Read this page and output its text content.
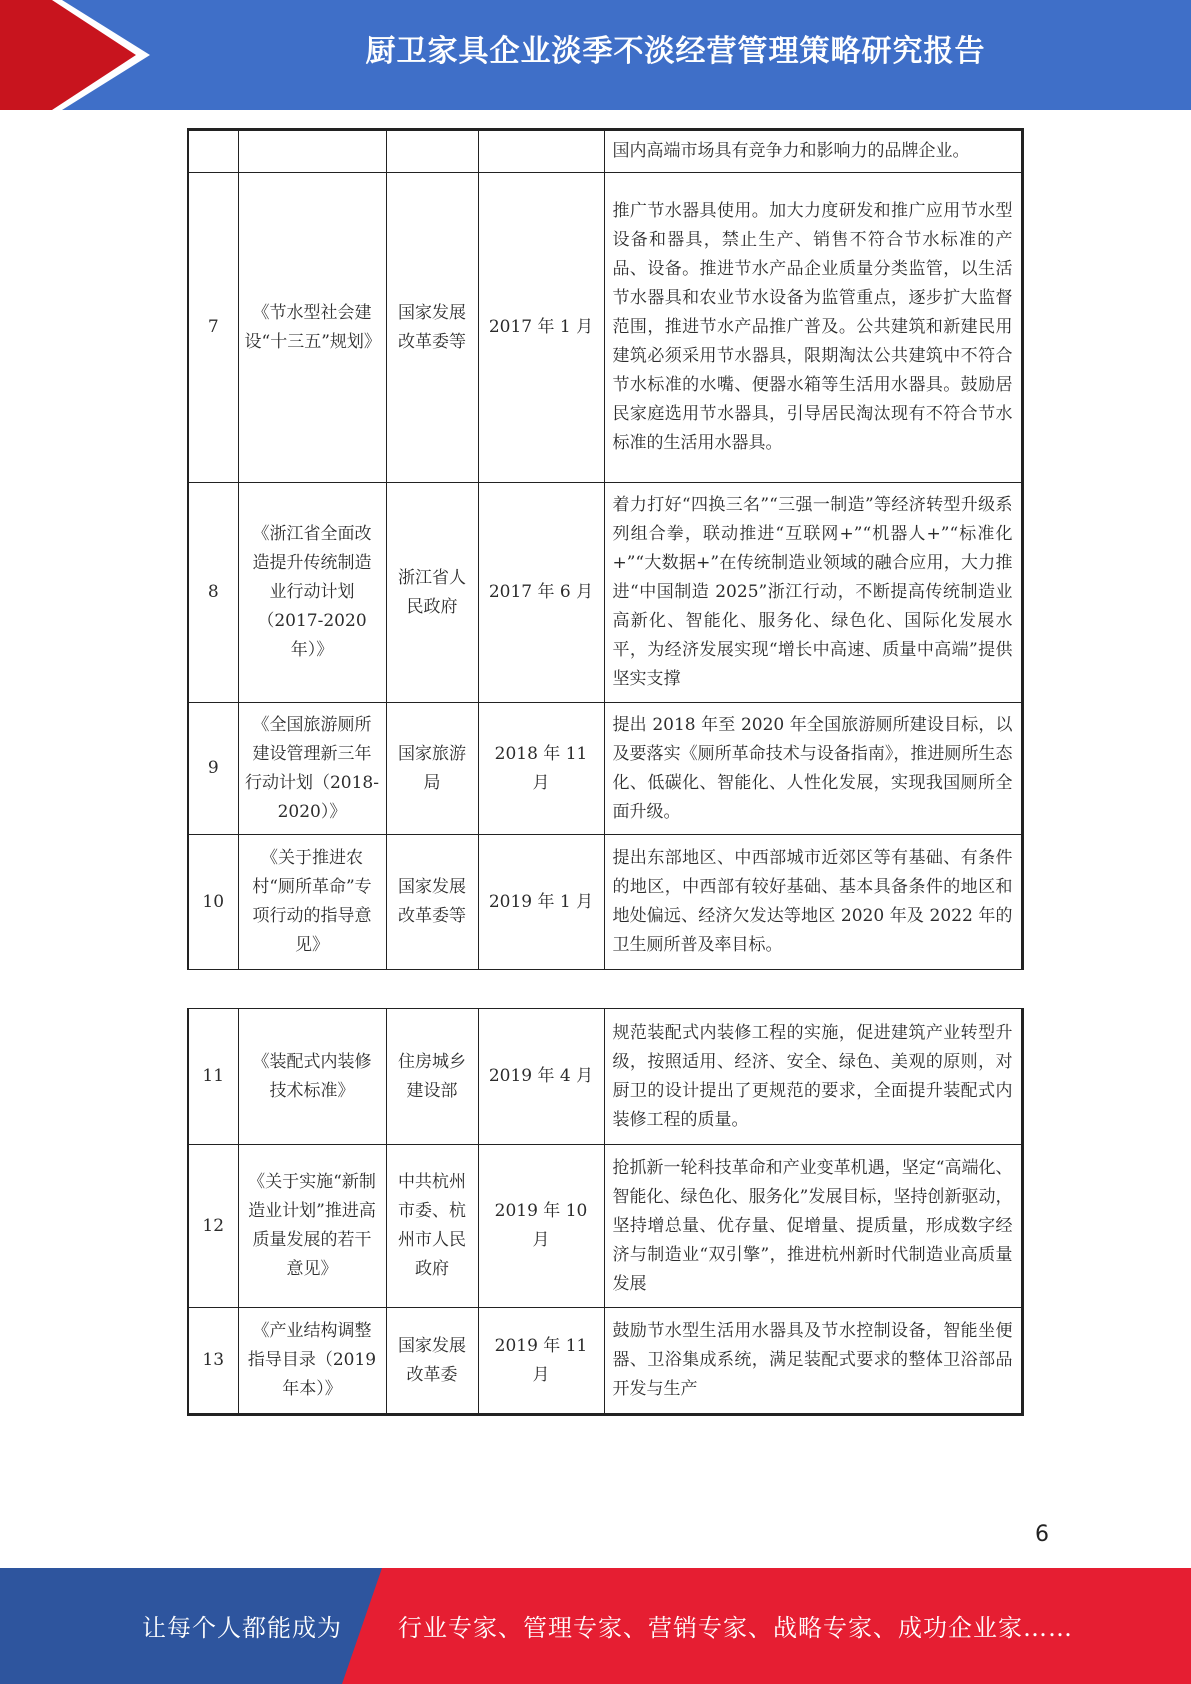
厨卫家具企业淡季不淡经营管理策略研究报告
				国内高端市场具有竞争力和影响力的品牌企业。
7	《节水型社会建设“十三五”规划》	国家发展改革委等	2017 年 1 月	推广节水器具使用。加大力度研发和推广应用节水型设备和器具，禁止生产、销售不符合节水标准的产品、设备。推进节水产品企业质量分类监管，以生活节水器具和农业节水设备为监管重点，逐步扩大监督范围，推进节水产品推广普及。公共建筑和新建民用建筑必须采用节水器具，限期淘汰公共建筑中不符合节水标准的水嘴、便器水箱等生活用水器具。鼓励居民家庭选用节水器具，引导居民淘汰现有不符合节水标准的生活用水器具。
8	《浙江省全面改造提升传统制造业行动计划（2017-2020 年）》	浙江省人民政府	2017 年 6 月	着力打好“四换三名”“三强一制造”等经济转型升级系列组合拳，联动推进“互联网+”“机器人+”“标准化+”“大数据+”在传统制造业领域的融合应用，大力推进“中国制造 2025”浙江行动，不断提高传统制造业高新化、智能化、服务化、绿色化、国际化发展水平，为经济发展实现“增长中高速、质量中高端”提供坚实支撑
9	《全国旅游厕所建设管理新三年行动计划（2018-2020）》	国家旅游局	2018 年 11 月	提出 2018 年至 2020 年全国旅游厕所建设目标，以及要落实《厕所革命技术与设备指南》，推进厕所生态化、低碳化、智能化、人性化发展，实现我国厕所全面升级。
10	《关于推进农村“厕所革命”专项行动的指导意见》	国家发展改革委等	2019 年 1 月	提出东部地区、中西部城市近郊区等有基础、有条件的地区，中西部有较好基础、基本具备条件的地区和地处偏远、经济欠发达等地区 2020 年及 2022 年的卫生厕所普及率目标。
11	《装配式内装修技术标准》	住房城乡建设部	2019 年 4 月	规范装配式内装修工程的实施，促进建筑产业转型升级，按照适用、经济、安全、绿色、美观的原则，对厨卫的设计提出了更规范的要求，全面提升装配式内装修工程的质量。
12	《关于实施“新制造业计划”推进高质量发展的若干意见》	中共杭州市委、杭州市人民政府	2019 年 10 月	抢抓新一轮科技革命和产业变革机遇，坚定“高端化、智能化、绿色化、服务化”发展目标，坚持创新驱动，坚持增总量、优存量、促增量、提质量，形成数字经济与制造业“双引擎”，推进杭州新时代制造业高质量发展
13	《产业结构调整指导目录（2019 年本）》	国家发展改革委	2019 年 11 月	鼓励节水型生活用水器具及节水控制设备，智能坐便器、卫浴集成系统，满足装配式要求的整体卫浴部品开发与生产
6
让每个人都能成为 行业专家、管理专家、营销专家、战略专家、成功企业家……
